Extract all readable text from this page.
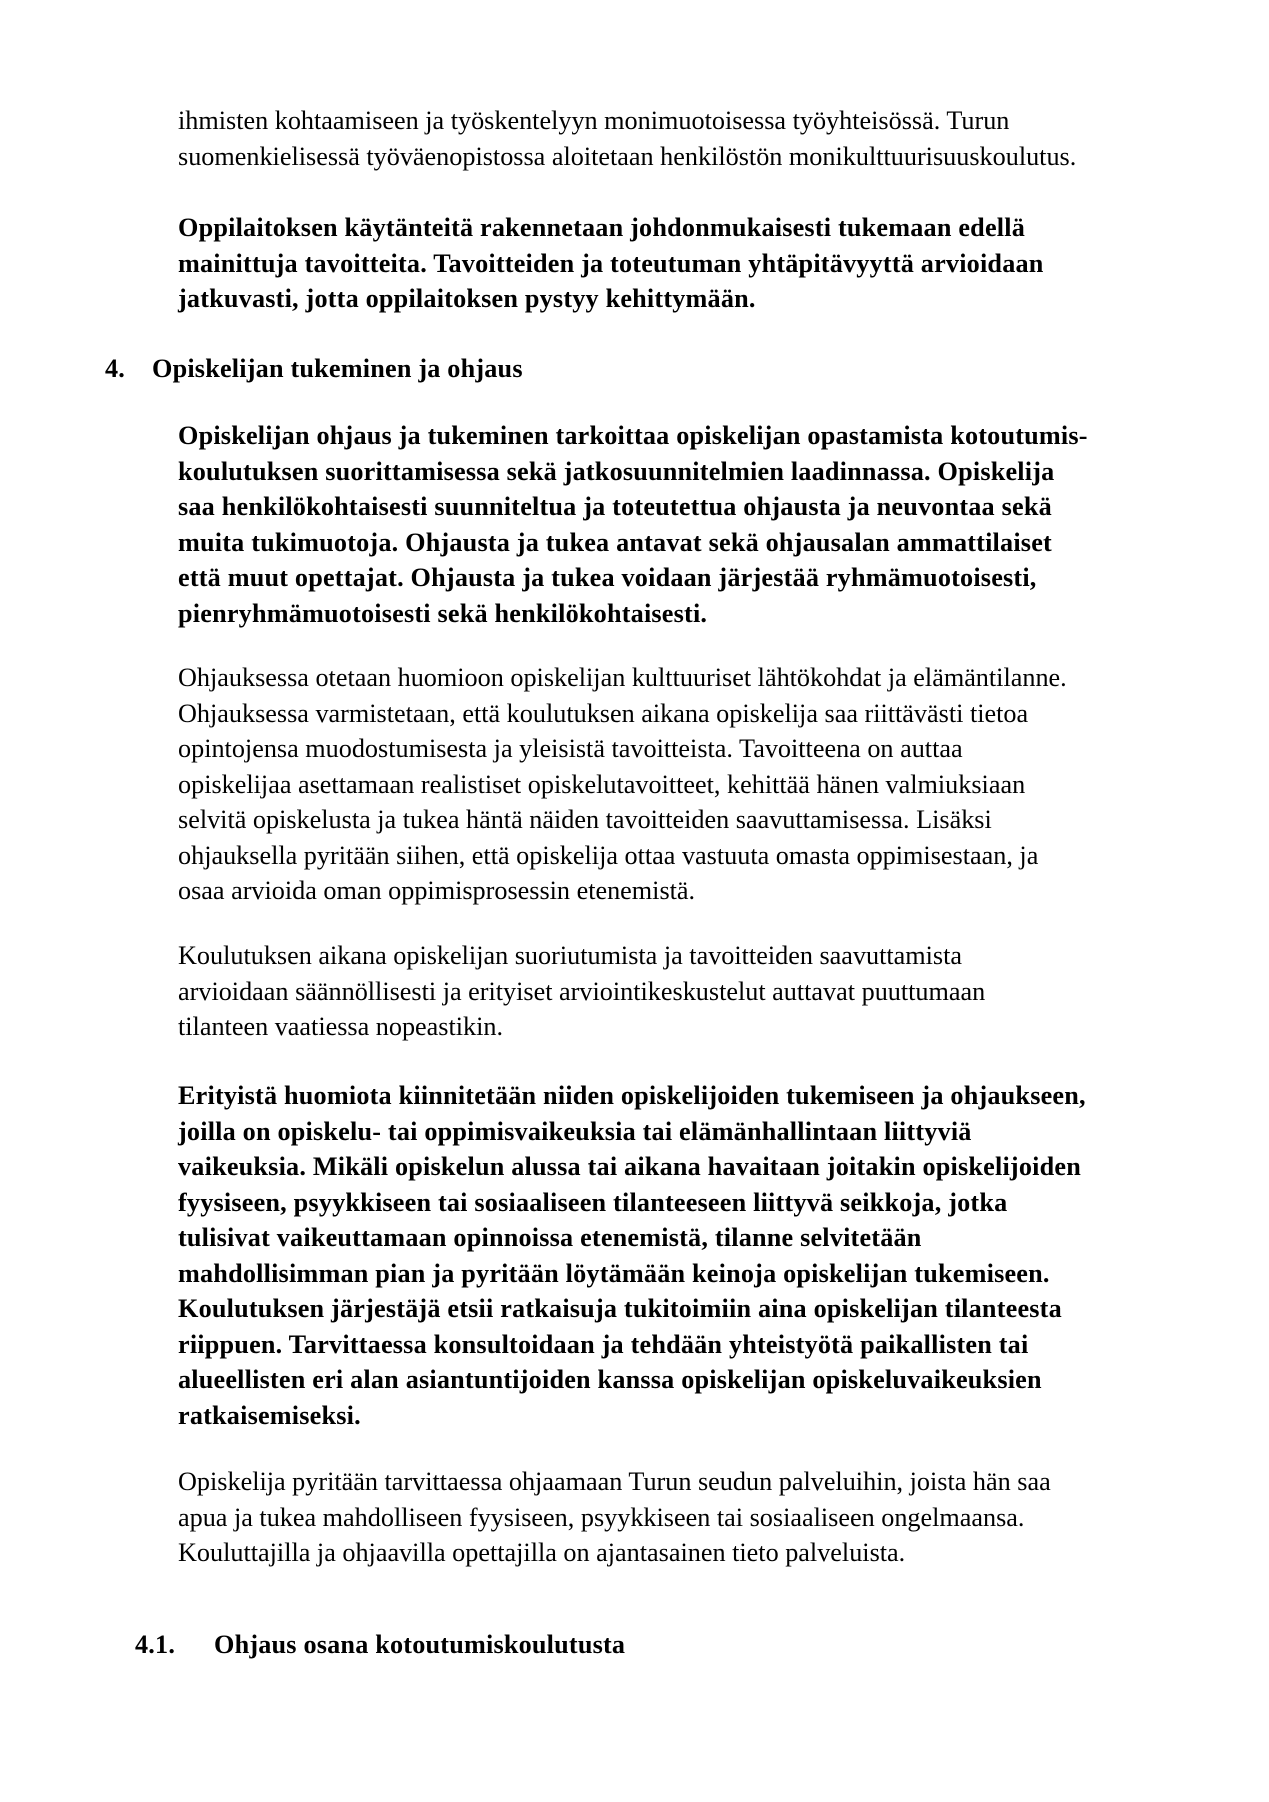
ihmisten kohtaamiseen ja työskentelyyn monimuotoisessa työyhteisössä. Turun
suomenkielisessä työväenopistossa aloitetaan henkilöstön monikulttuurisuuskoulutus.

Oppilaitoksen käytänteitä rakennetaan johdonmukaisesti tukemaan edellä
mainittuja tavoitteita. Tavoitteiden ja toteutuman yhtäpitävyyttä arvioidaan
jatkuvasti, jotta oppilaitoksen pystyy kehittymään.

4. Opiskelijan tukeminen ja ohjaus

Opiskelijan ohjaus ja tukeminen tarkoittaa opiskelijan opastamista kotoutumis-
koulutuksen suorittamisessa sekä jatkosuunnitelmien laadinnassa. Opiskelija
saa henkilökohtaisesti suunniteltua ja toteutettua ohjausta ja neuvontaa sekä
muita tukimuotoja. Ohjausta ja tukea antavat sekä ohjausalan ammattilaiset
että muut opettajat. Ohjausta ja tukea voidaan järjestää ryhmämuotoisesti,
pienryhmämuotoisesti sekä henkilökohtaisesti.

Ohjauksessa otetaan huomioon opiskelijan kulttuuriset lähtökohdat ja elämäntilanne.
Ohjauksessa varmistetaan, että koulutuksen aikana opiskelija saa riittävästi tietoa
opintojensa muodostumisesta ja yleisistä tavoitteista. Tavoitteena on auttaa
opiskelijaa asettamaan realistiset opiskelutavoitteet, kehittää hänen valmiuksiaan
selvitä opiskelusta ja tukea häntä näiden tavoitteiden saavuttamisessa. Lisäksi
ohjauksella pyritään siihen, että opiskelija ottaa vastuuta omasta oppimisestaan, ja
osaa arvioida oman oppimisprosessin etenemistä.

Koulutuksen aikana opiskelijan suoriutumista ja tavoitteiden saavuttamista
arvioidaan säännöllisesti ja erityiset arviointikeskustelut auttavat puuttumaan
tilanteen vaatiessa nopeastikin.

Erityistä huomiota kiinnitetään niiden opiskelijoiden tukemiseen ja ohjaukseen,
joilla on opiskelu- tai oppimisvaikeuksia tai elämänhallintaan liittyviä
vaikeuksia. Mikäli opiskelun alussa tai aikana havaitaan joitakin opiskelijoiden
fyysiseen, psyykkiseen tai sosiaaliseen tilanteeseen liittyvä seikkoja, jotka
tulisivat vaikeuttamaan opinnoissa etenemistä, tilanne selvitetään
mahdollisimman pian ja pyritään löytämään keinoja opiskelijan tukemiseen.
Koulutuksen järjestäjä etsii ratkaisuja tukitoimiin aina opiskelijan tilanteesta
riippuen. Tarvittaessa konsultoidaan ja tehdään yhteistyötä paikallisten tai
alueellisten eri alan asiantuntijoiden kanssa opiskelijan opiskeluvaikeuksien
ratkaisemiseksi.

Opiskelija pyritään tarvittaessa ohjaamaan Turun seudun palveluihin, joista hän saa
apua ja tukea mahdolliseen fyysiseen, psyykkiseen tai sosiaaliseen ongelmaansa.
Kouluttajilla ja ohjaavilla opettajilla on ajantasainen tieto palveluista.

4.1. Ohjaus osana kotoutumiskoulutusta
